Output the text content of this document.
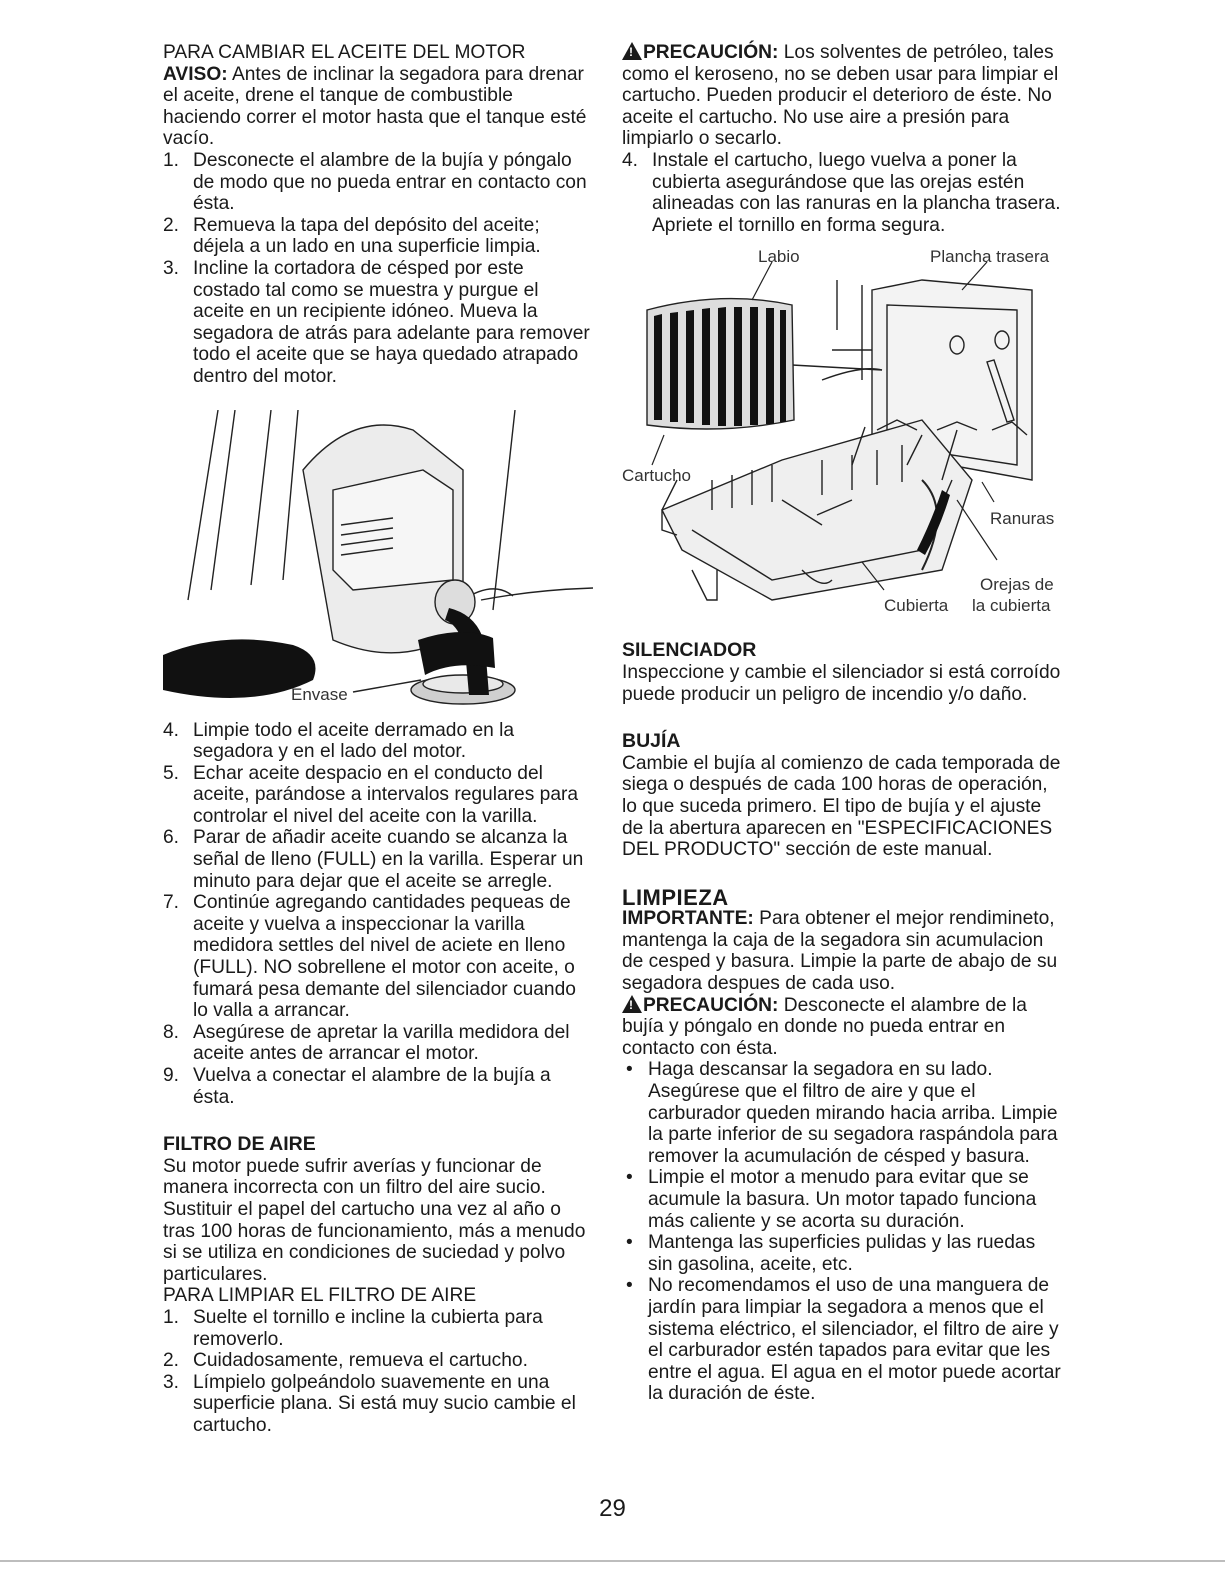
PARA CAMBIAR EL ACEITE DEL MOTOR

AVISO: Antes de inclinar la segadora para drenar el aceite, drene el tanque de combustible haciendo correr el motor hasta que el tanque esté vacío.

1. Desconecte el alambre de la bujía y póngalo de modo que no pueda entrar en contacto con ésta.
2. Remueva la tapa del depósito del aceite; déjela a un lado en una superficie limpia.
3. Incline la cortadora de césped por este costado tal como se muestra y purgue el aceite en un recipiente idóneo. Mueva la segadora de atrás para adelante para remover todo el aceite que se haya quedado atrapado dentro del motor.
Envase
4. Limpie todo el aceite derramado en la segadora y en el lado del motor.
5. Echar aceite despacio en el conducto del aceite, parándose a intervalos regulares para controlar el nivel del aceite con la varilla.
6. Parar de añadir aceite cuando se alcanza la señal de lleno (FULL) en la varilla. Esperar un minuto para dejar que el aceite se arregle.
7. Continúe agregando cantidades pequeas de aceite y vuelva a inspeccionar la varilla medidora settles del nivel de aciete en lleno (FULL). NO sobrellene el motor con aceite, o fumará pesa demante del silenciador cuando lo valla a arrancar.
8. Asegúrese de apretar la varilla medidora del aceite antes de arrancar el motor.
9. Vuelva a conectar el alambre de la bujía a ésta.

FILTRO DE AIRE

Su motor puede sufrir averías y funcionar de manera incorrecta con un filtro del aire sucio. Sustituir el papel del cartucho una vez al año o tras 100 horas de funcionamiento, más a menudo si se utiliza en condiciones de suciedad y polvo particulares.

PARA LIMPIAR EL FILTRO DE AIRE

1. Suelte el tornillo e incline la cubierta para removerlo.
2. Cuidadosamente, remueva el cartucho.
3. Límpielo golpeándolo suavemente en una superficie plana. Si está muy sucio cambie el cartucho.

!PRECAUCIÓN: Los solventes de petróleo, tales como el keroseno, no se deben usar para limpiar el cartucho. Pueden producir el deterioro de éste. No aceite el cartucho. No use aire a presión para limpiarlo o secarlo.

4. Instale el cartucho, luego vuelva a poner la cubierta asegurándose que las orejas estén alineadas con las ranuras en la plancha trasera. Apriete el tornillo en forma segura.
Labio	Plancha trasera
Cartucho
Ranuras
Orejas de
la cubierta
Cubierta

SILENCIADOR

Inspeccione y cambie el silenciador si está corroído puede producir un peligro de incendio y/o daño.

BUJÍA

Cambie el bujía al comienzo de cada temporada de siega o después de cada 100 horas de operación, lo que suceda primero. El tipo de bujía y el ajuste de la abertura aparecen en "ESPECIFICACIONES DEL PRODUCTO" sección de este manual.

LIMPIEZA

IMPORTANTE: Para obtener el mejor rendimineto, mantenga la caja de la segadora sin acumulacion de cesped y basura. Limpie la parte de abajo de su segadora despues de cada uso.

!PRECAUCIÓN: Desconecte el alambre de la bujía y póngalo en donde no pueda entrar en contacto con ésta.

• Haga descansar la segadora en su lado. Asegúrese que el filtro de aire y que el carburador queden mirando hacia arriba. Limpie la parte inferior de su segadora raspándola para remover la acumulación de césped y basura.
• Limpie el motor a menudo para evitar que se acumule la basura. Un motor tapado funciona más caliente y se acorta su duración.
• Mantenga las superficies pulidas y las ruedas sin gasolina, aceite, etc.
• No recomendamos el uso de una manguera de jardín para limpiar la segadora a menos que el sistema eléctrico, el silenciador, el filtro de aire y el carburador estén tapados para evitar que les entre el agua. El agua en el motor puede acortar la duración de éste.
29
